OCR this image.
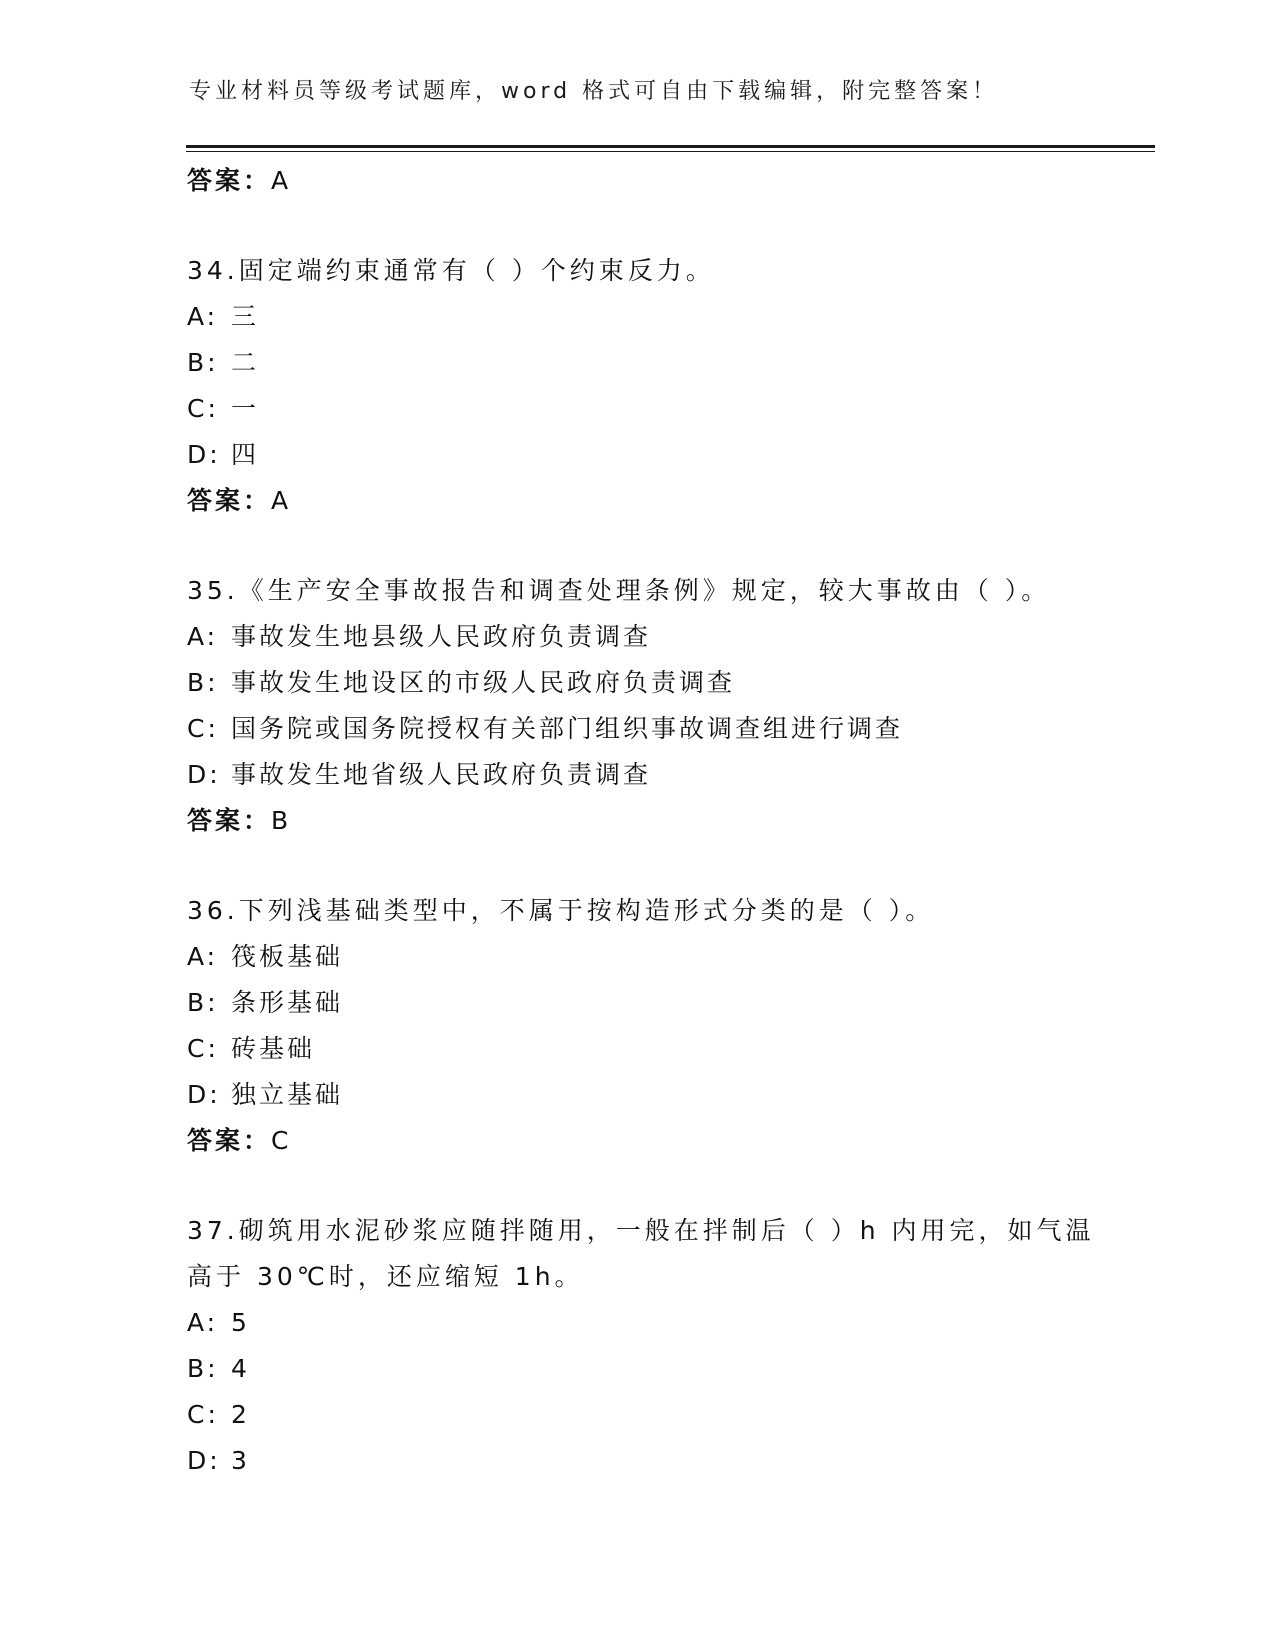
专业材料员等级考试题库，word 格式可自由下载编辑，附完整答案！
答案：A
34.固定端约束通常有（ ）个约束反力。
A: 三
B: 二
C: 一
D: 四
答案：A
35.《生产安全事故报告和调查处理条例》规定，较大事故由（ ）。
A: 事故发生地县级人民政府负责调查
B: 事故发生地设区的市级人民政府负责调查
C: 国务院或国务院授权有关部门组织事故调查组进行调查
D: 事故发生地省级人民政府负责调查
答案：B
36.下列浅基础类型中，不属于按构造形式分类的是（ ）。
A: 筏板基础
B: 条形基础
C: 砖基础
D: 独立基础
答案：C
37.砌筑用水泥砂浆应随拌随用，一般在拌制后（ ）h 内用完，如气温
高于 30℃时，还应缩短 1h。
A: 5
B: 4
C: 2
D: 3
